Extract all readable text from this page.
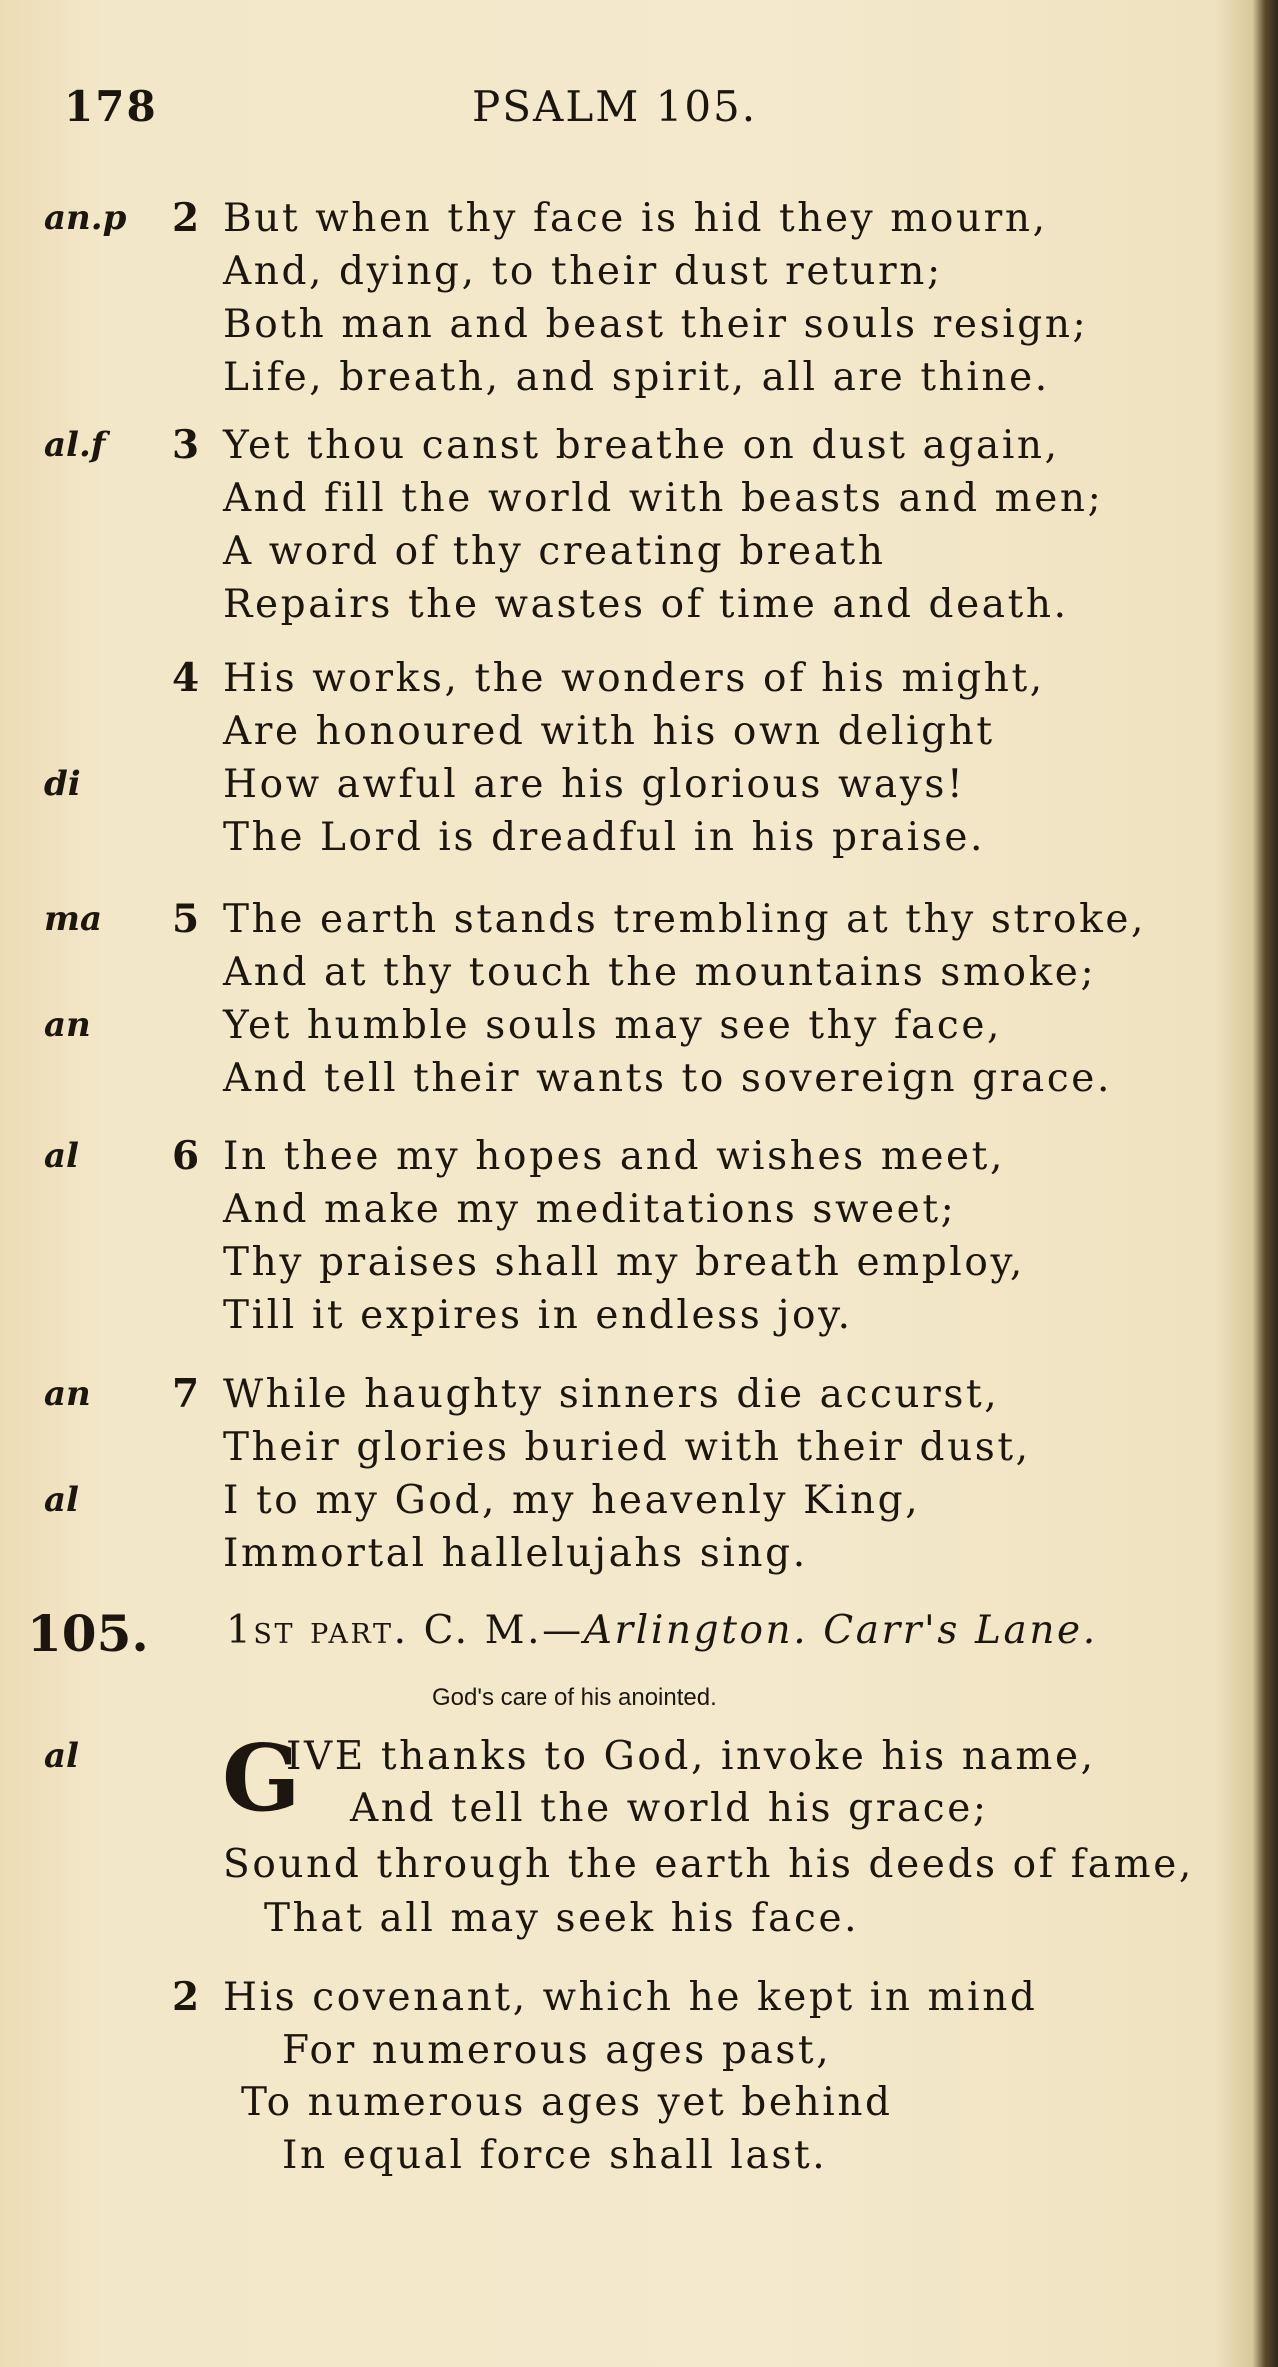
178	PSALM 105.
2
an.p But when thy face is hid they mourn,
And, dying, to their dust return;
Both man and beast their souls resign;
Life, breath, and spirit, all are thine.
3
al.f	Yet thou canst breathe on dust again,
And fill the world with beasts and men;
A word of thy creating breath
Repairs the wastes of time and death.
4 His works, the wonders of his might,
Are honoured with his own delight
di	How awful are his glorious ways!
The Lord is dreadful in his praise.
5
ma	The earth stands trembling at thy stroke,
And at thy touch the mountains smoke;
an	Yet humble souls may see thy face,
And tell their wants to sovereign grace.
6
al	In thee my hopes and wishes meet,
And make my meditations sweet;
Thy praises shall my breath employ,
Till it expires in endless joy.
7
an	While haughty sinners die accurst,
Their glories buried with their dust,
al	I to my God, my heavenly King,
Immortal hallelujahs sing.
105. 1st part. C. M.—Arlington. Carr's Lane.
God's care of his anointed.
al G
IVE thanks to God, invoke his name,
And tell the world his grace;
Sound through the earth his deeds of fame,
That all may seek his face.
2 His covenant, which he kept in mind
For numerous ages past,
To numerous ages yet behind
In equal force shall last.
